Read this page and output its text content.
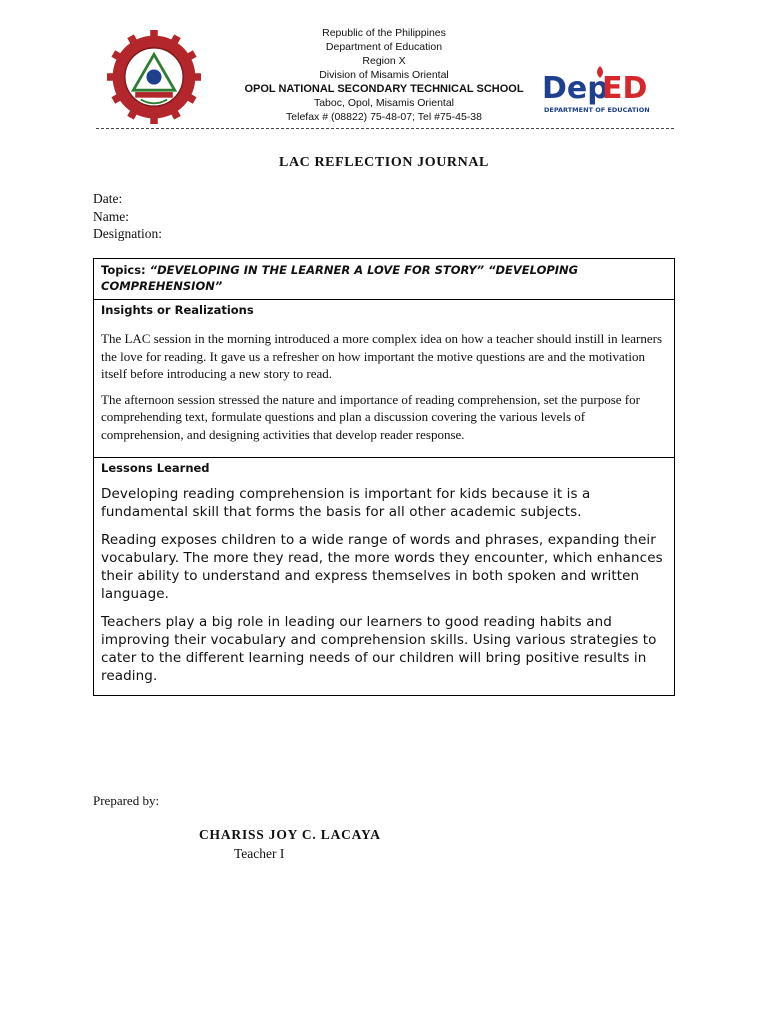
Republic of the Philippines
Department of Education
Region X
Division of Misamis Oriental
OPOL NATIONAL SECONDARY TECHNICAL SCHOOL
Taboc, Opol, Misamis Oriental
Telefax # (08822) 75-48-07; Tel #75-45-38
Dep
ED
DEPARTMENT OF EDUCATION
LAC REFLECTION JOURNAL
Date:
Name:
Designation:
Topics: “DEVELOPING IN THE LEARNER A LOVE FOR STORY” “DEVELOPING COMPREHENSION”
Insights or Realizations

The LAC session in the morning introduced a more complex idea on how a teacher should instill in learners the love for reading. It gave us a refresher on how important the motive questions are and the motivation itself before introducing a new story to read.

The afternoon session stressed the nature and importance of reading comprehension, set the purpose for comprehending text, formulate questions and plan a discussion covering the various levels of comprehension, and designing activities that develop reader response.

Lessons Learned

Developing reading comprehension is important for kids because it is a fundamental skill that forms the basis for all other academic subjects.

Reading exposes children to a wide range of words and phrases, expanding their vocabulary. The more they read, the more words they encounter, which enhances their ability to understand and express themselves in both spoken and written language.

Teachers play a big role in leading our learners to good reading habits and improving their vocabulary and comprehension skills. Using various strategies to cater to the different learning needs of our children will bring positive results in reading.

Prepared by:
CHARISS JOY C. LACAYA
Teacher I
